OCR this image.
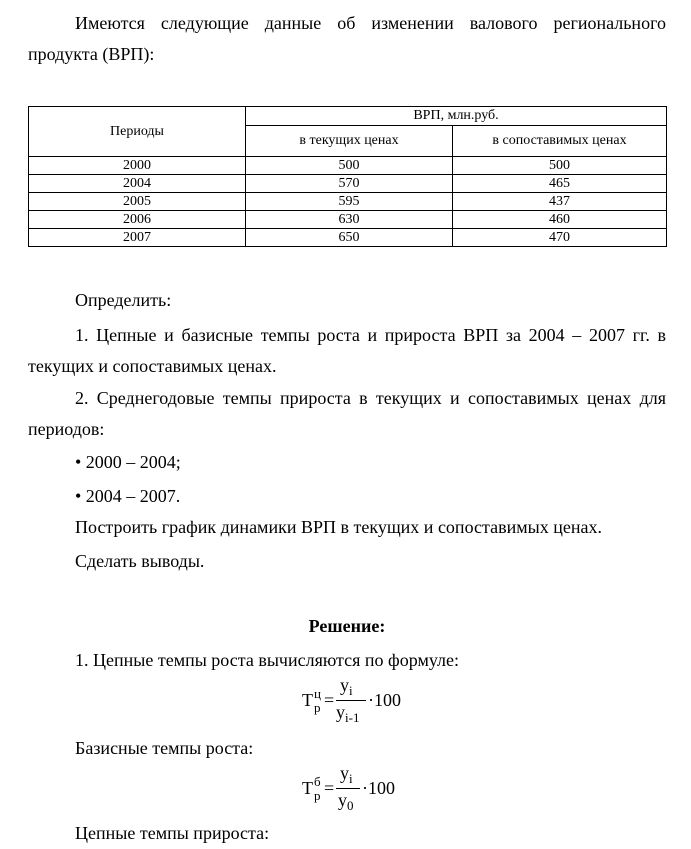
Имеются следующие данные об изменении валового регионального продукта (ВРП):
Периоды	ВРП, млн.руб.	
	в текущих ценах	в сопоставимых ценах
2000	500	500
2004	570	465
2005	595	437
2006	630	460
2007	650	470
Определить:
1. Цепные и базисные темпы роста и прироста ВРП за 2004 – 2007 гг. в текущих и сопоставимых ценах.
2. Среднегодовые темпы прироста в текущих и сопоставимых ценах для периодов:
• 2000 – 2004;
• 2004 – 2007.
Построить график динамики ВРП в текущих и сопоставимых ценах.
Сделать выводы.
Решение:
1. Цепные темпы роста вычисляются по формуле:
Т ц
р =
$y_i$
$y_{i-1}$
·100
Базисные темпы роста:
Т б
р =
$y_i$
$y_0$
·100
Цепные темпы прироста:
